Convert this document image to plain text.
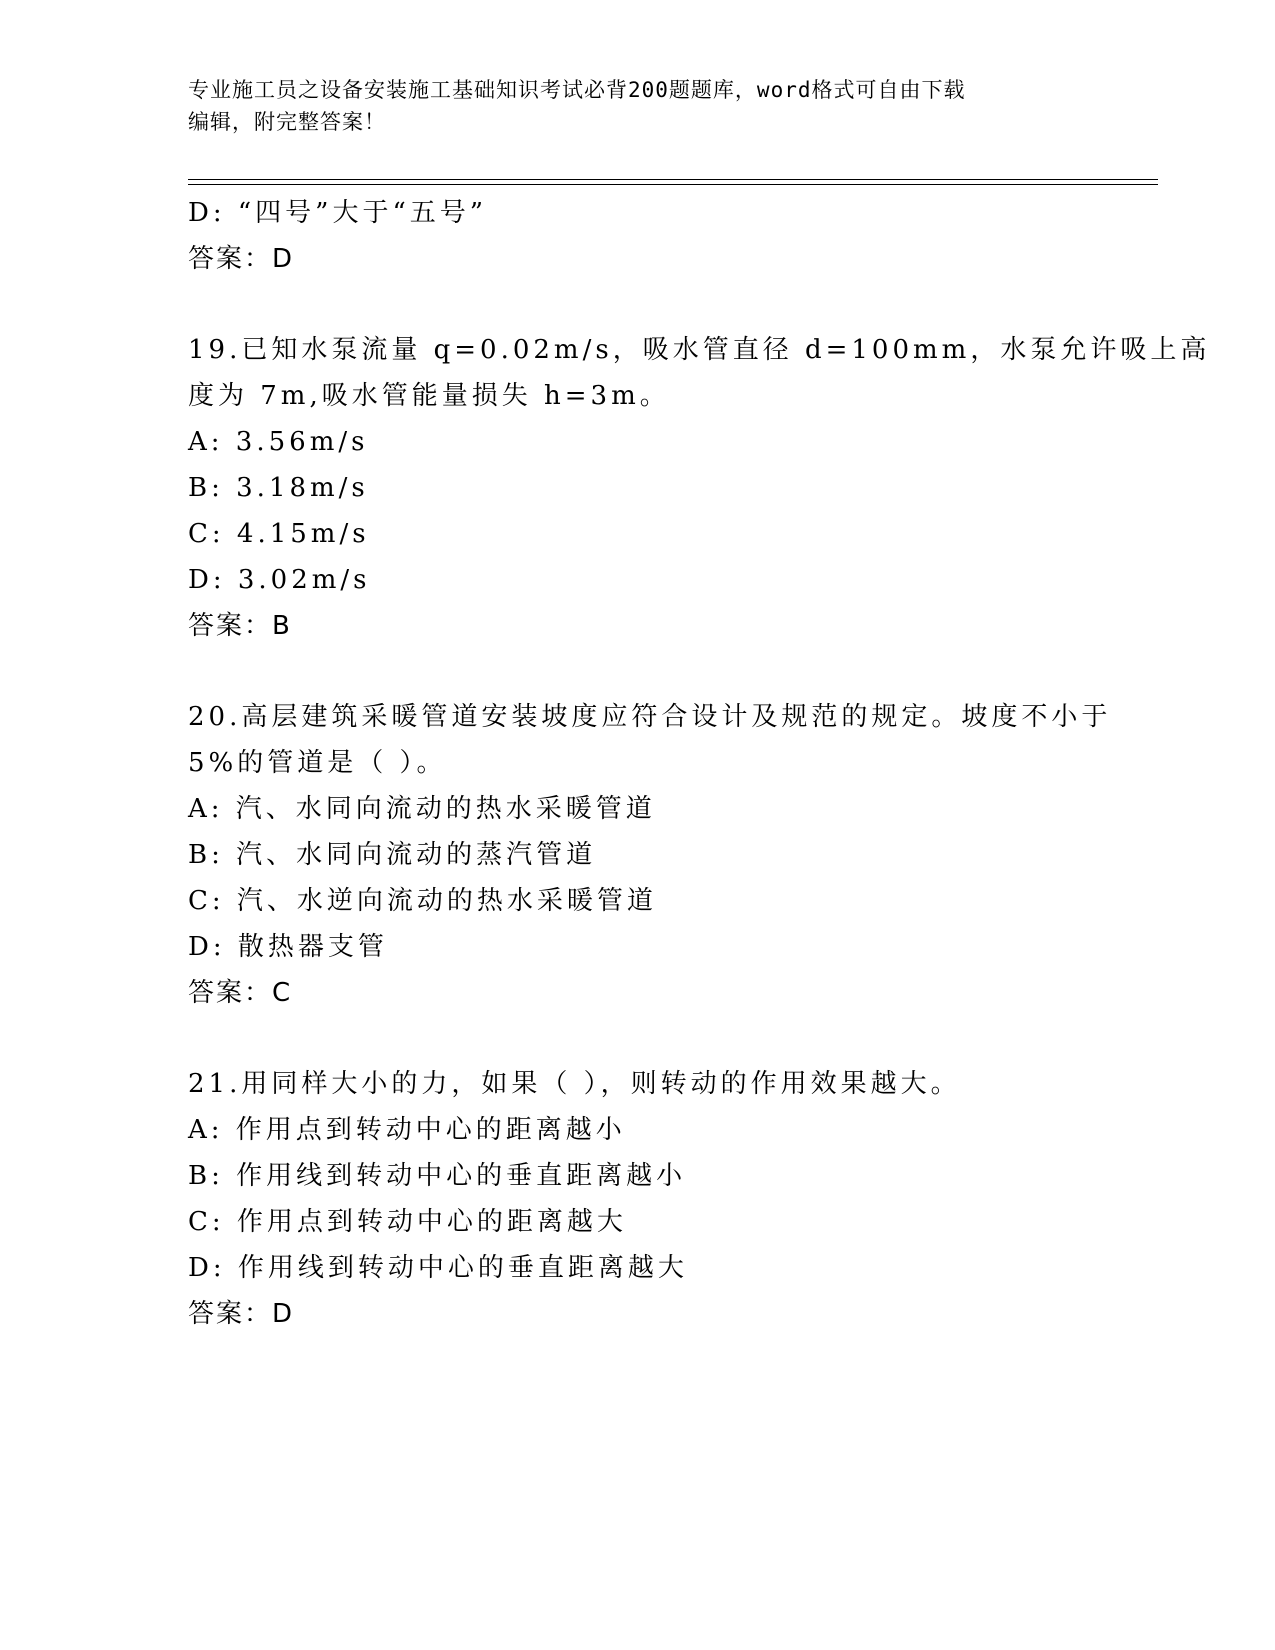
专业施工员之设备安装施工基础知识考试必背200题题库，word格式可自由下载
编辑，附完整答案！
D: “四号”大于“五号”
答案：D
19.已知水泵流量 q=0.02m/s，吸水管直径 d=100mm，水泵允许吸上高
度为 7m,吸水管能量损失 h=3m。
A: 3.56m/s
B: 3.18m/s
C: 4.15m/s
D: 3.02m/s
答案：B
20.高层建筑采暖管道安装坡度应符合设计及规范的规定。坡度不小于
5%的管道是（ ）。
A: 汽、水同向流动的热水采暖管道
B: 汽、水同向流动的蒸汽管道
C: 汽、水逆向流动的热水采暖管道
D: 散热器支管
答案：C
21.用同样大小的力，如果（ ），则转动的作用效果越大。
A: 作用点到转动中心的距离越小
B: 作用线到转动中心的垂直距离越小
C: 作用点到转动中心的距离越大
D: 作用线到转动中心的垂直距离越大
答案：D
